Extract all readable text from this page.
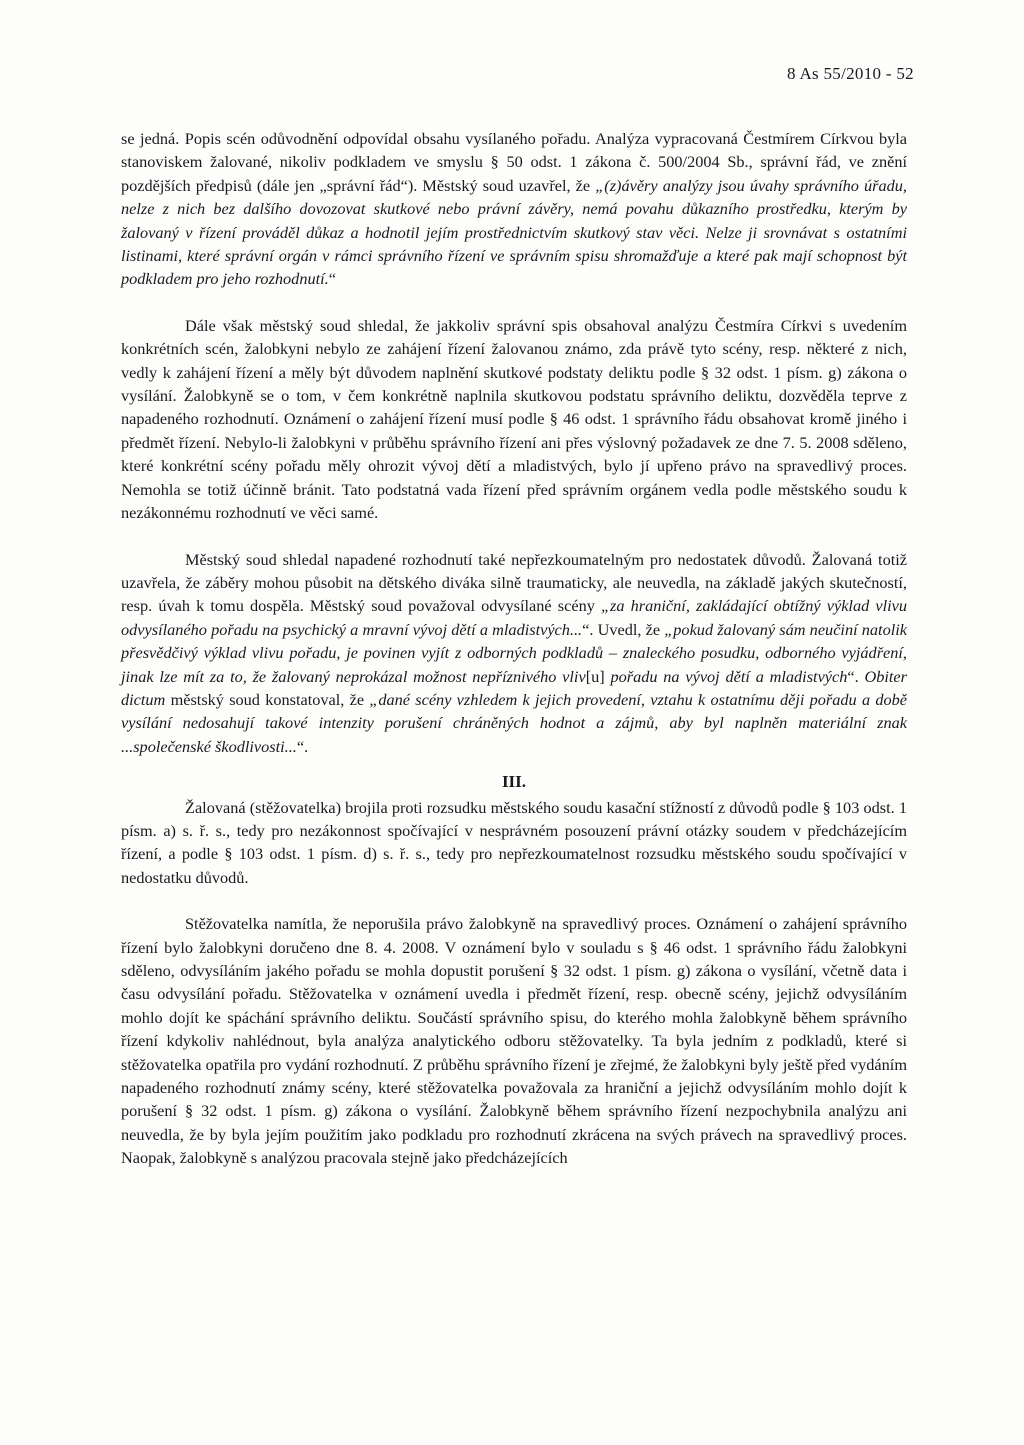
8 As 55/2010 - 52

se jedná. Popis scén odůvodnění odpovídal obsahu vysílaného pořadu. Analýza vypracovaná Čestmírem Církvou byla stanoviskem žalované, nikoliv podkladem ve smyslu § 50 odst. 1 zákona č. 500/2004 Sb., správní řád, ve znění pozdějších předpisů (dále jen „správní řád“). Městský soud uzavřel, že „(z)ávěry analýzy jsou úvahy správního úřadu, nelze z nich bez dalšího dovozovat skutkové nebo právní závěry, nemá povahu důkazního prostředku, kterým by žalovaný v řízení prováděl důkaz a hodnotil jejím prostřednictvím skutkový stav věci. Nelze ji srovnávat s ostatními listinami, které správní orgán v rámci správního řízení ve správním spisu shromažďuje a které pak mají schopnost být podkladem pro jeho rozhodnutí.“

Dále však městský soud shledal, že jakkoliv správní spis obsahoval analýzu Čestmíra Církvi s uvedením konkrétních scén, žalobkyni nebylo ze zahájení řízení žalovanou známo, zda právě tyto scény, resp. některé z nich, vedly k zahájení řízení a měly být důvodem naplnění skutkové podstaty deliktu podle § 32 odst. 1 písm. g) zákona o vysílání. Žalobkyně se o tom, v čem konkrétně naplnila skutkovou podstatu správního deliktu, dozvěděla teprve z napadeného rozhodnutí. Oznámení o zahájení řízení musí podle § 46 odst. 1 správního řádu obsahovat kromě jiného i předmět řízení. Nebylo-li žalobkyni v průběhu správního řízení ani přes výslovný požadavek ze dne 7. 5. 2008 sděleno, které konkrétní scény pořadu měly ohrozit vývoj dětí a mladistvých, bylo jí upřeno právo na spravedlivý proces. Nemohla se totiž účinně bránit. Tato podstatná vada řízení před správním orgánem vedla podle městského soudu k nezákonnému rozhodnutí ve věci samé.

Městský soud shledal napadené rozhodnutí také nepřezkoumatelným pro nedostatek důvodů. Žalovaná totiž uzavřela, že záběry mohou působit na dětského diváka silně traumaticky, ale neuvedla, na základě jakých skutečností, resp. úvah k tomu dospěla. Městský soud považoval odvysílané scény „za hraniční, zakládající obtížný výklad vlivu odvysílaného pořadu na psychický a mravní vývoj dětí a mladistvých...“. Uvedl, že „pokud žalovaný sám neučiní natolik přesvědčivý výklad vlivu pořadu, je povinen vyjít z odborných podkladů – znaleckého posudku, odborného vyjádření, jinak lze mít za to, že žalovaný neprokázal možnost nepříznivého vliv[u] pořadu na vývoj dětí a mladistvých“. Obiter dictum městský soud konstatoval, že „dané scény vzhledem k jejich provedení, vztahu k ostatnímu ději pořadu a době vysílání nedosahují takové intenzity porušení chráněných hodnot a zájmů, aby byl naplněn materiální znak ...společenské škodlivosti...“.

III.

Žalovaná (stěžovatelka) brojila proti rozsudku městského soudu kasační stížností z důvodů podle § 103 odst. 1 písm. a) s. ř. s., tedy pro nezákonnost spočívající v nesprávném posouzení právní otázky soudem v předcházejícím řízení, a podle § 103 odst. 1 písm. d) s. ř. s., tedy pro nepřezkoumatelnost rozsudku městského soudu spočívající v nedostatku důvodů.

Stěžovatelka namítla, že neporušila právo žalobkyně na spravedlivý proces. Oznámení o zahájení správního řízení bylo žalobkyni doručeno dne 8. 4. 2008. V oznámení bylo v souladu s § 46 odst. 1 správního řádu žalobkyni sděleno, odvysíláním jakého pořadu se mohla dopustit porušení § 32 odst. 1 písm. g) zákona o vysílání, včetně data i času odvysílání pořadu. Stěžovatelka v oznámení uvedla i předmět řízení, resp. obecně scény, jejichž odvysíláním mohlo dojít ke spáchání správního deliktu. Součástí správního spisu, do kterého mohla žalobkyně během správního řízení kdykoliv nahlédnout, byla analýza analytického odboru stěžovatelky. Ta byla jedním z podkladů, které si stěžovatelka opatřila pro vydání rozhodnutí. Z průběhu správního řízení je zřejmé, že žalobkyni byly ještě před vydáním napadeného rozhodnutí známy scény, které stěžovatelka považovala za hraniční a jejichž odvysíláním mohlo dojít k porušení § 32 odst. 1 písm. g) zákona o vysílání. Žalobkyně během správního řízení nezpochybnila analýzu ani neuvedla, že by byla jejím použitím jako podkladu pro rozhodnutí zkrácena na svých právech na spravedlivý proces. Naopak, žalobkyně s analýzou pracovala stejně jako předcházejících
